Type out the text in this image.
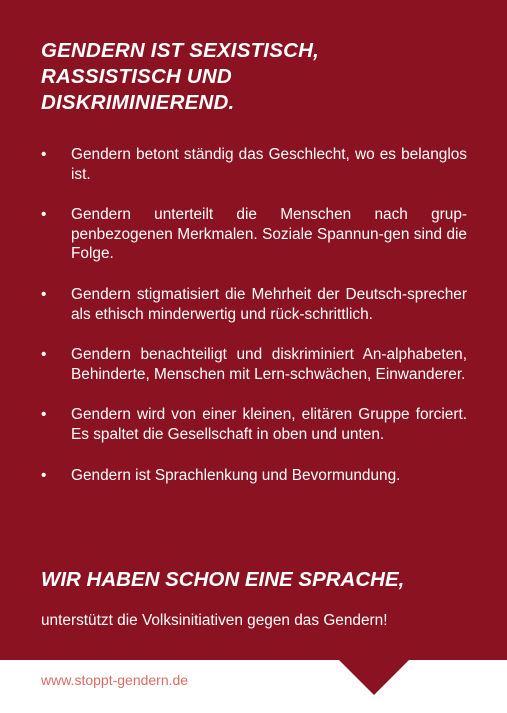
GENDERN IST SEXISTISCH,
RASSISTISCH UND
DISKRIMINIEREND.
•	Gendern betont ständig das Geschlecht, wo es belanglos ist.
•	Gendern unterteilt die Menschen nach grup-penbezogenen Merkmalen. Soziale Spannun-gen sind die Folge.
•	Gendern stigmatisiert die Mehrheit der Deutsch-sprecher als ethisch minderwertig und rück-schrittlich.
•	Gendern benachteiligt und diskriminiert An-alphabeten, Behinderte, Menschen mit Lern-schwächen, Einwanderer.
•	Gendern wird von einer kleinen, elitären Gruppe forciert. Es spaltet die Gesellschaft in oben und unten.
•	Gendern ist Sprachlenkung und Bevormundung.
WIR HABEN SCHON EINE SPRACHE,

unterstützt die Volksinitiativen gegen das Gendern!

www.stoppt-gendern.de
